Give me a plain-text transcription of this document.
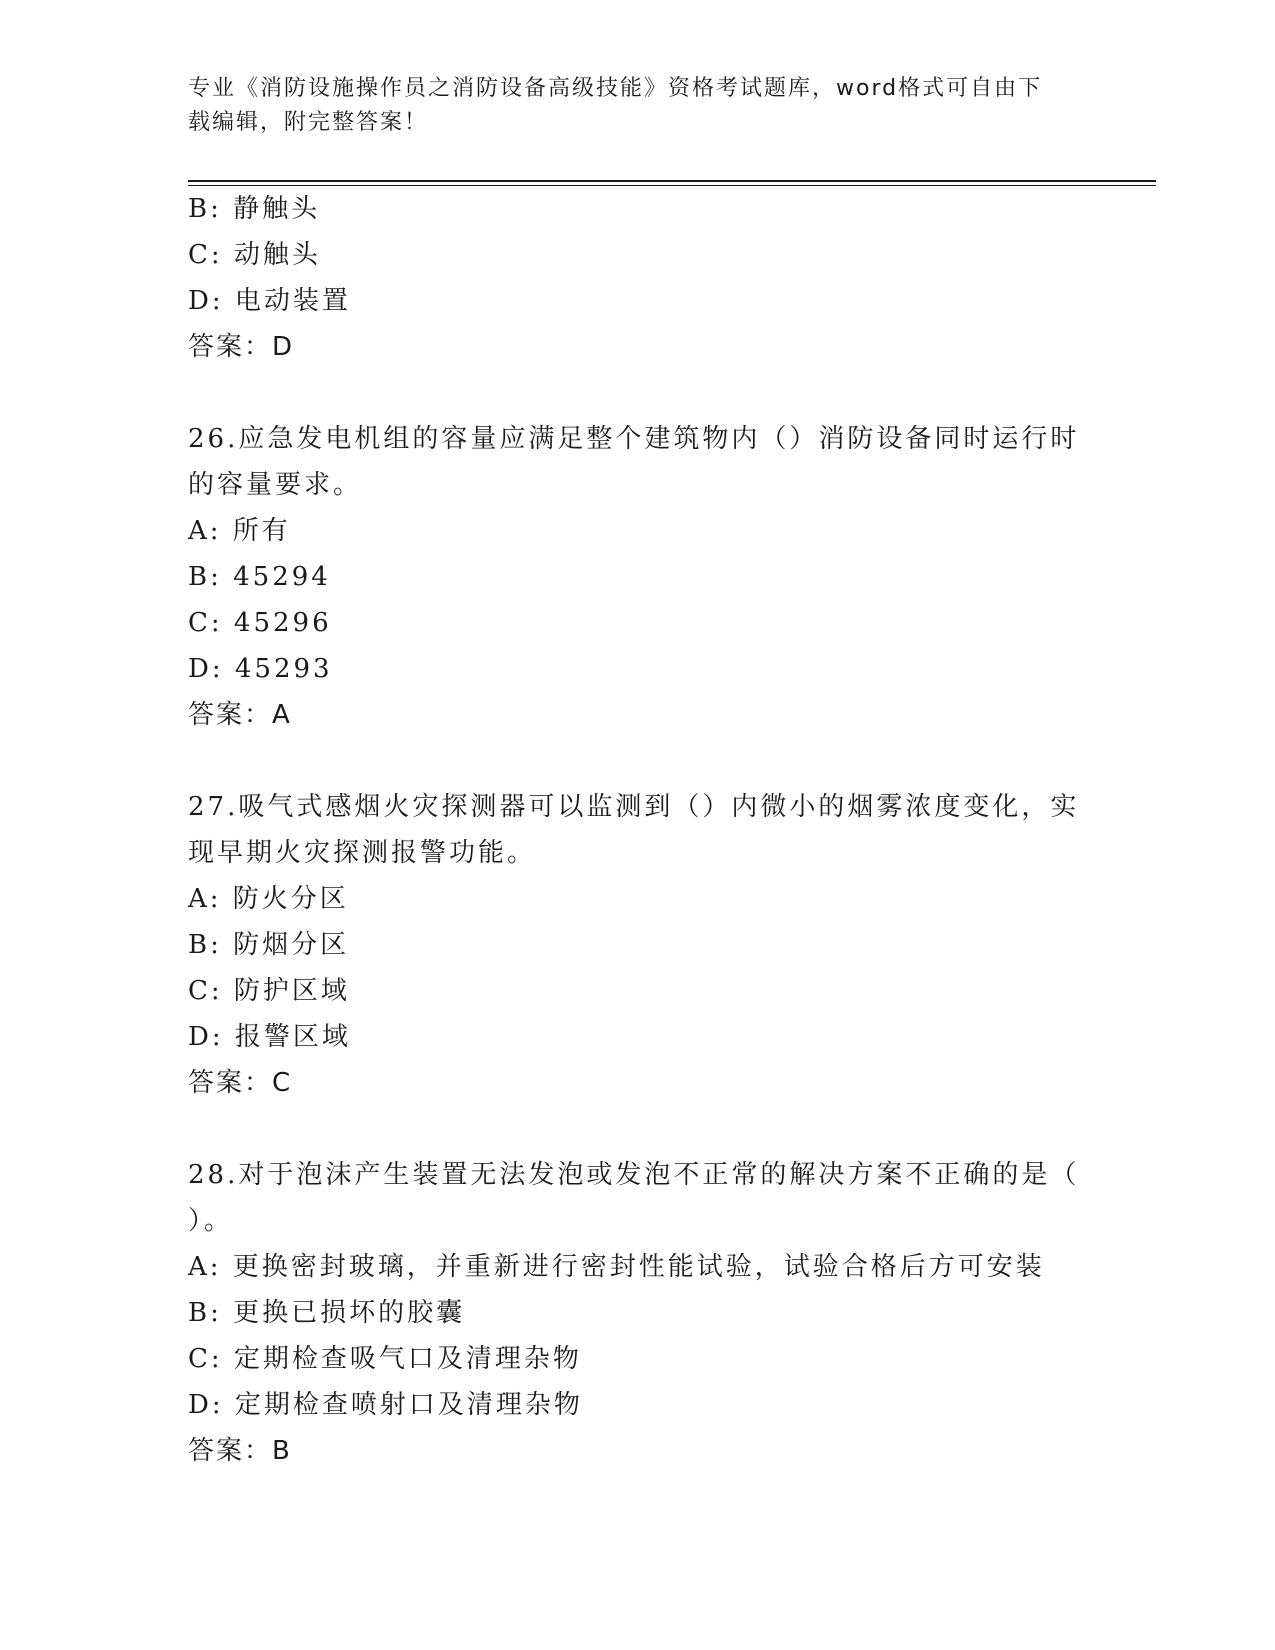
专业《消防设施操作员之消防设备高级技能》资格考试题库，word格式可自由下
载编辑，附完整答案！
B: 静触头
C: 动触头
D: 电动装置
答案：D
26.应急发电机组的容量应满足整个建筑物内（）消防设备同时运行时
的容量要求。
A: 所有
B: 45294
C: 45296
D: 45293
答案：A
27.吸气式感烟火灾探测器可以监测到（）内微小的烟雾浓度变化，实
现早期火灾探测报警功能。
A: 防火分区
B: 防烟分区
C: 防护区域
D: 报警区域
答案：C
28.对于泡沫产生装置无法发泡或发泡不正常的解决方案不正确的是（
）。
A: 更换密封玻璃，并重新进行密封性能试验，试验合格后方可安装
B: 更换已损坏的胶囊
C: 定期检查吸气口及清理杂物
D: 定期检查喷射口及清理杂物
答案：B
